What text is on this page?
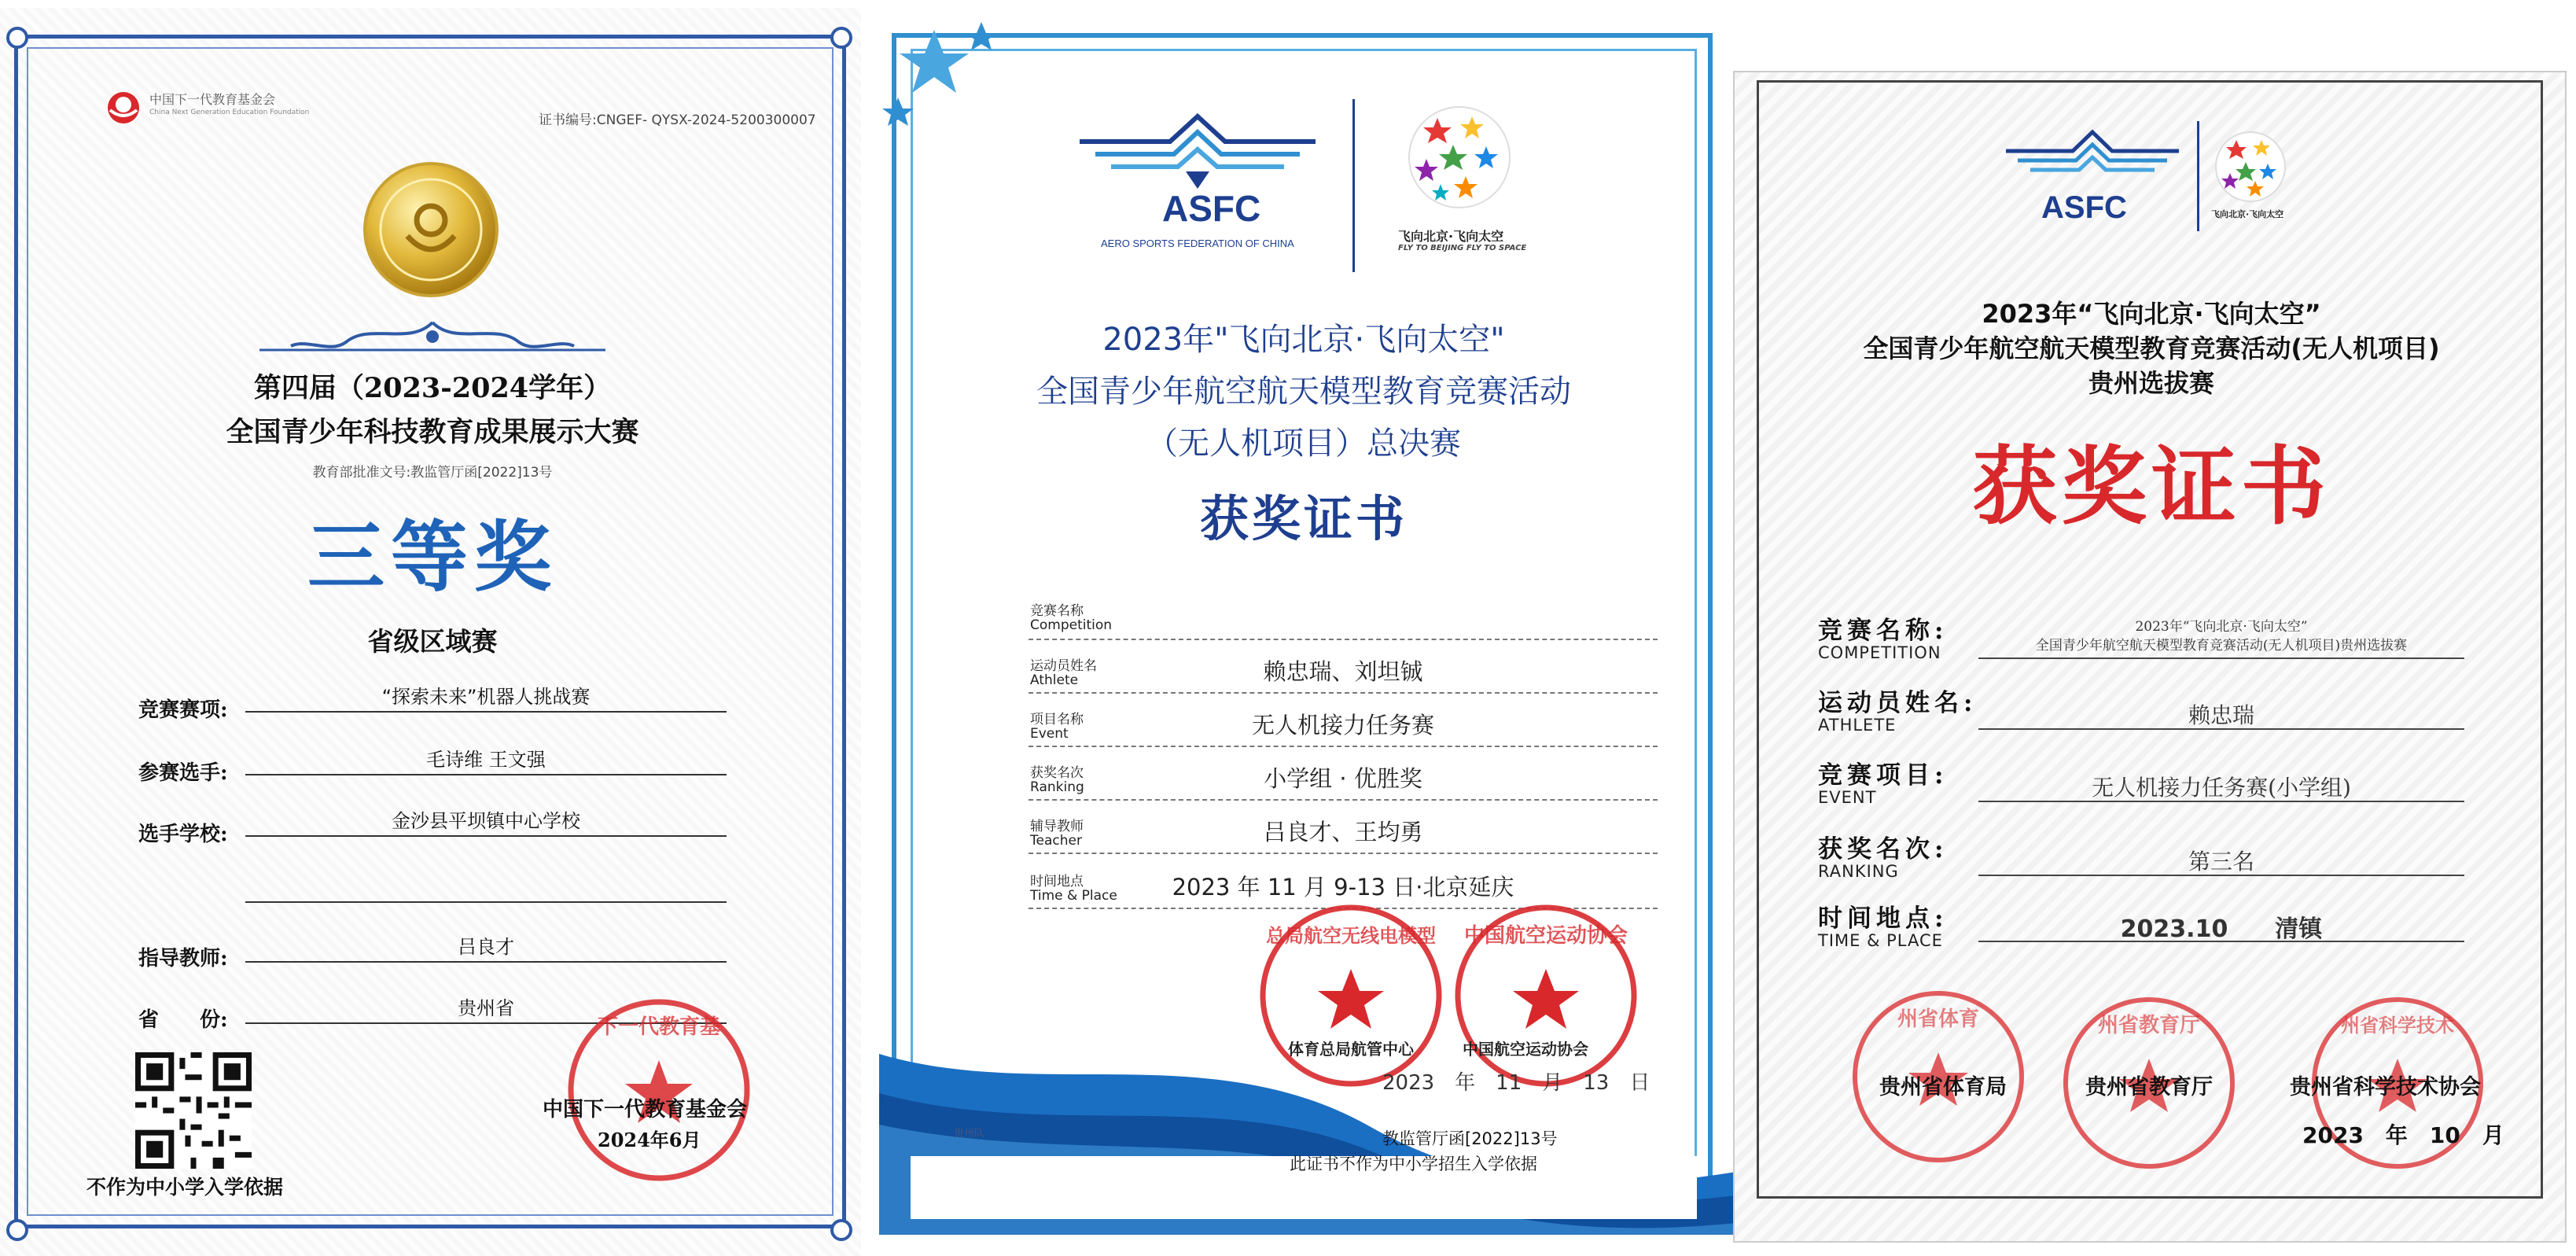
中国下一代教育基金会
China Next Generation Education Foundation	证书编号:CNGEF- QYSX-2024-5200300007
第四届（2023-2024学年）
全国青少年科技教育成果展示大赛
教育部批准文号:教监管厅函[2022]13号
三等奖
省级区域赛
竞赛赛项:
“探索未来”机器人挑战赛
参赛选手:
毛诗维 王文强
选手学校:
金沙县平坝镇中心学校
指导教师:	吕良才
省　　份:	贵州省
不作为中小学入学依据
下一代教育基
中国下一代教育基金会
2024年6月
ASFC
AERO SPORTS FEDERATION OF CHINA	飞向北京·飞向太空
FLY TO BEIJING FLY TO SPACE
2023年"飞向北京·飞向太空"
全国青少年航空航天模型教育竞赛活动
（无人机项目）总决赛
获奖证书
竞赛名称
Competition
运动员姓名
Athlete	赖忠瑞、刘坦铖
项目名称
Event	无人机接力任务赛
获奖名次
Ranking	小学组 · 优胜奖
辅导教师
Teacher	吕良才、王均勇
时间地点
Time & Place	2023 年 11 月 9-13 日·北京延庆
总局航空无线电模型 中国航空运动协会
体育总局航管中心	中国航空运动协会
2023　年　11　月　13　日
贵州队	教监管厅函[2022]13号
此证书不作为中小学招生入学依据
ASFC	飞向北京·飞向太空
2023年“飞向北京·飞向太空”
全国青少年航空航天模型教育竞赛活动(无人机项目)
贵州选拔赛
获奖证书
竞赛名称:
COMPETITION
2023年“飞向北京·飞向太空”
全国青少年航空航天模型教育竞赛活动(无人机项目)贵州选拔赛
运动员姓名:
ATHLETE	赖忠瑞
竞赛项目:
EVENT	无人机接力任务赛(小学组)
获奖名次:
RANKING	第三名
时间地点:
TIME & PLACE	2023.10　　清镇
州省体育	州省教育厅	州省科学技术
贵州省体育局	贵州省教育厅	贵州省科学技术协会
2023　年　10　月
